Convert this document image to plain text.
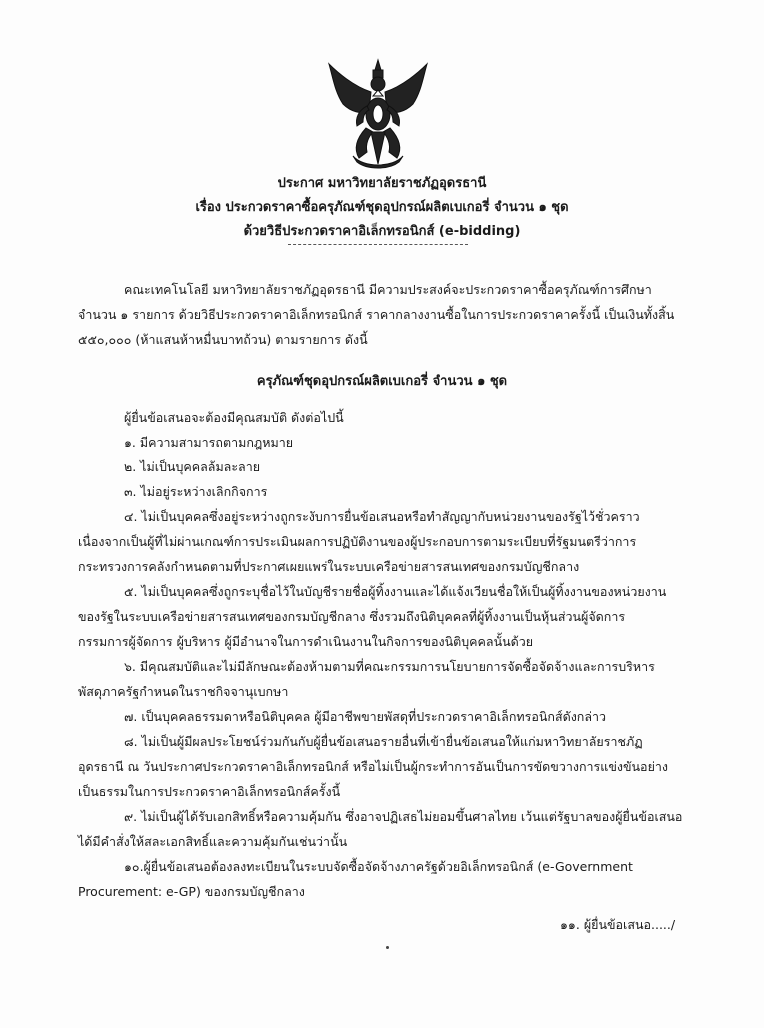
ประกาศ มหาวิทยาลัยราชภัฏอุดรธานี
เรื่อง ประกวดราคาซื้อครุภัณฑ์ชุดอุปกรณ์ผลิตเบเกอรี่ จำนวน ๑ ชุด
ด้วยวิธีประกวดราคาอิเล็กทรอนิกส์ (e-bidding)
คณะเทคโนโลยี มหาวิทยาลัยราชภัฏอุดรธานี มีความประสงค์จะประกวดราคาซื้อครุภัณฑ์การศึกษา
จำนวน ๑ รายการ ด้วยวิธีประกวดราคาอิเล็กทรอนิกส์ ราคากลางงานซื้อในการประกวดราคาครั้งนี้ เป็นเงินทั้งสิ้น
๕๕๐,๐๐๐ (ห้าแสนห้าหมื่นบาทถ้วน) ตามรายการ ดังนี้
ครุภัณฑ์ชุดอุปกรณ์ผลิตเบเกอรี่ จำนวน ๑ ชุด
ผู้ยื่นข้อเสนอจะต้องมีคุณสมบัติ ดังต่อไปนี้
๑. มีความสามารถตามกฎหมาย
๒. ไม่เป็นบุคคลล้มละลาย
๓. ไม่อยู่ระหว่างเลิกกิจการ
๔. ไม่เป็นบุคคลซึ่งอยู่ระหว่างถูกระงับการยื่นข้อเสนอหรือทำสัญญากับหน่วยงานของรัฐไว้ชั่วคราว
เนื่องจากเป็นผู้ที่ไม่ผ่านเกณฑ์การประเมินผลการปฏิบัติงานของผู้ประกอบการตามระเบียบที่รัฐมนตรีว่าการ
กระทรวงการคลังกำหนดตามที่ประกาศเผยแพร่ในระบบเครือข่ายสารสนเทศของกรมบัญชีกลาง
๕. ไม่เป็นบุคคลซึ่งถูกระบุชื่อไว้ในบัญชีรายชื่อผู้ทิ้งงานและได้แจ้งเวียนชื่อให้เป็นผู้ทิ้งงานของหน่วยงาน
ของรัฐในระบบเครือข่ายสารสนเทศของกรมบัญชีกลาง ซึ่งรวมถึงนิติบุคคลที่ผู้ทิ้งงานเป็นหุ้นส่วนผู้จัดการ
กรรมการผู้จัดการ ผู้บริหาร ผู้มีอำนาจในการดำเนินงานในกิจการของนิติบุคคลนั้นด้วย
๖. มีคุณสมบัติและไม่มีลักษณะต้องห้ามตามที่คณะกรรมการนโยบายการจัดซื้อจัดจ้างและการบริหาร
พัสดุภาครัฐกำหนดในราชกิจจานุเบกษา
๗. เป็นบุคคลธรรมดาหรือนิติบุคคล ผู้มีอาชีพขายพัสดุที่ประกวดราคาอิเล็กทรอนิกส์ดังกล่าว
๘. ไม่เป็นผู้มีผลประโยชน์ร่วมกันกับผู้ยื่นข้อเสนอรายอื่นที่เข้ายื่นข้อเสนอให้แก่มหาวิทยาลัยราชภัฏ
อุดรธานี ณ วันประกาศประกวดราคาอิเล็กทรอนิกส์ หรือไม่เป็นผู้กระทำการอันเป็นการขัดขวางการแข่งขันอย่าง
เป็นธรรมในการประกวดราคาอิเล็กทรอนิกส์ครั้งนี้
๙. ไม่เป็นผู้ได้รับเอกสิทธิ์หรือความคุ้มกัน ซึ่งอาจปฏิเสธไม่ยอมขึ้นศาลไทย เว้นแต่รัฐบาลของผู้ยื่นข้อเสนอ
ได้มีคำสั่งให้สละเอกสิทธิ์และความคุ้มกันเช่นว่านั้น
๑๐.ผู้ยื่นข้อเสนอต้องลงทะเบียนในระบบจัดซื้อจัดจ้างภาครัฐด้วยอิเล็กทรอนิกส์ (e-Government
Procurement: e-GP) ของกรมบัญชีกลาง
๑๑. ผู้ยื่นข้อเสนอ...../
